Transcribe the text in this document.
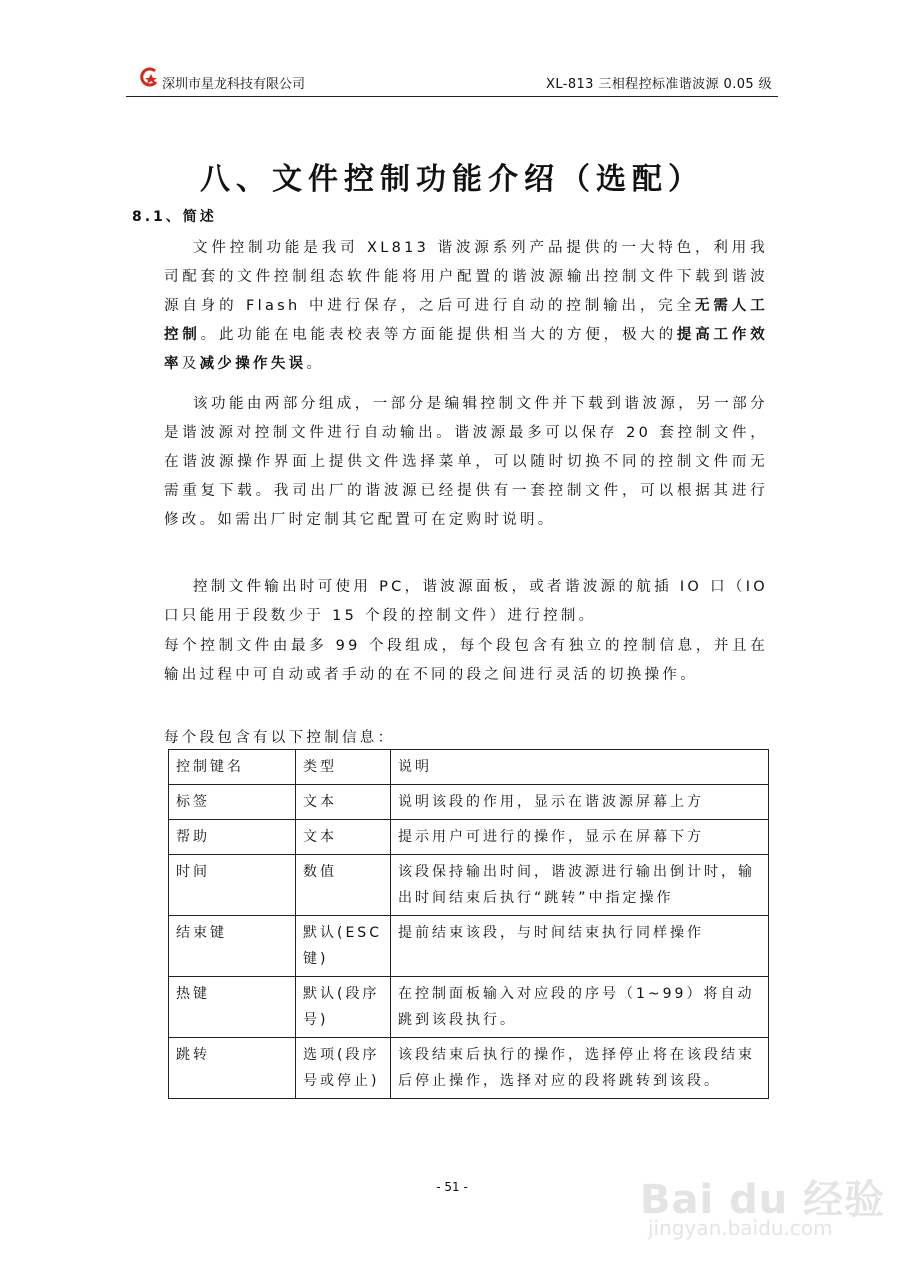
深圳市星龙科技有限公司	XL-813 三相程控标准谐波源 0.05 级
八、文件控制功能介绍（选配）
8.1、简述
文件控制功能是我司 XL813 谐波源系列产品提供的一大特色，利用我司配套的文件控制组态软件能将用户配置的谐波源输出控制文件下载到谐波源自身的 Flash 中进行保存，之后可进行自动的控制输出，完全无需人工控制。此功能在电能表校表等方面能提供相当大的方便，极大的提高工作效率及减少操作失误。
该功能由两部分组成，一部分是编辑控制文件并下载到谐波源，另一部分是谐波源对控制文件进行自动输出。谐波源最多可以保存 20 套控制文件，在谐波源操作界面上提供文件选择菜单，可以随时切换不同的控制文件而无需重复下载。我司出厂的谐波源已经提供有一套控制文件，可以根据其进行修改。如需出厂时定制其它配置可在定购时说明。
控制文件输出时可使用 PC，谐波源面板，或者谐波源的航插 IO 口（IO 口只能用于段数少于 15 个段的控制文件）进行控制。
每个控制文件由最多 99 个段组成，每个段包含有独立的控制信息，并且在输出过程中可自动或者手动的在不同的段之间进行灵活的切换操作。
每个段包含有以下控制信息：
控制键名	类型	说明
标签	文本	说明该段的作用，显示在谐波源屏幕上方
帮助	文本	提示用户可进行的操作，显示在屏幕下方
时间	数值	该段保持输出时间，谐波源进行输出倒计时，输出时间结束后执行“跳转”中指定操作
结束键	默认(ESC 键)	提前结束该段，与时间结束执行同样操作
热键	默认(段序号)	在控制面板输入对应段的序号（1~99）将自动跳到该段执行。
跳转	选项(段序号或停止)	该段结束后执行的操作，选择停止将在该段结束后停止操作，选择对应的段将跳转到该段。
- 51 -	Bai du 经验
jingyan.baidu.com
